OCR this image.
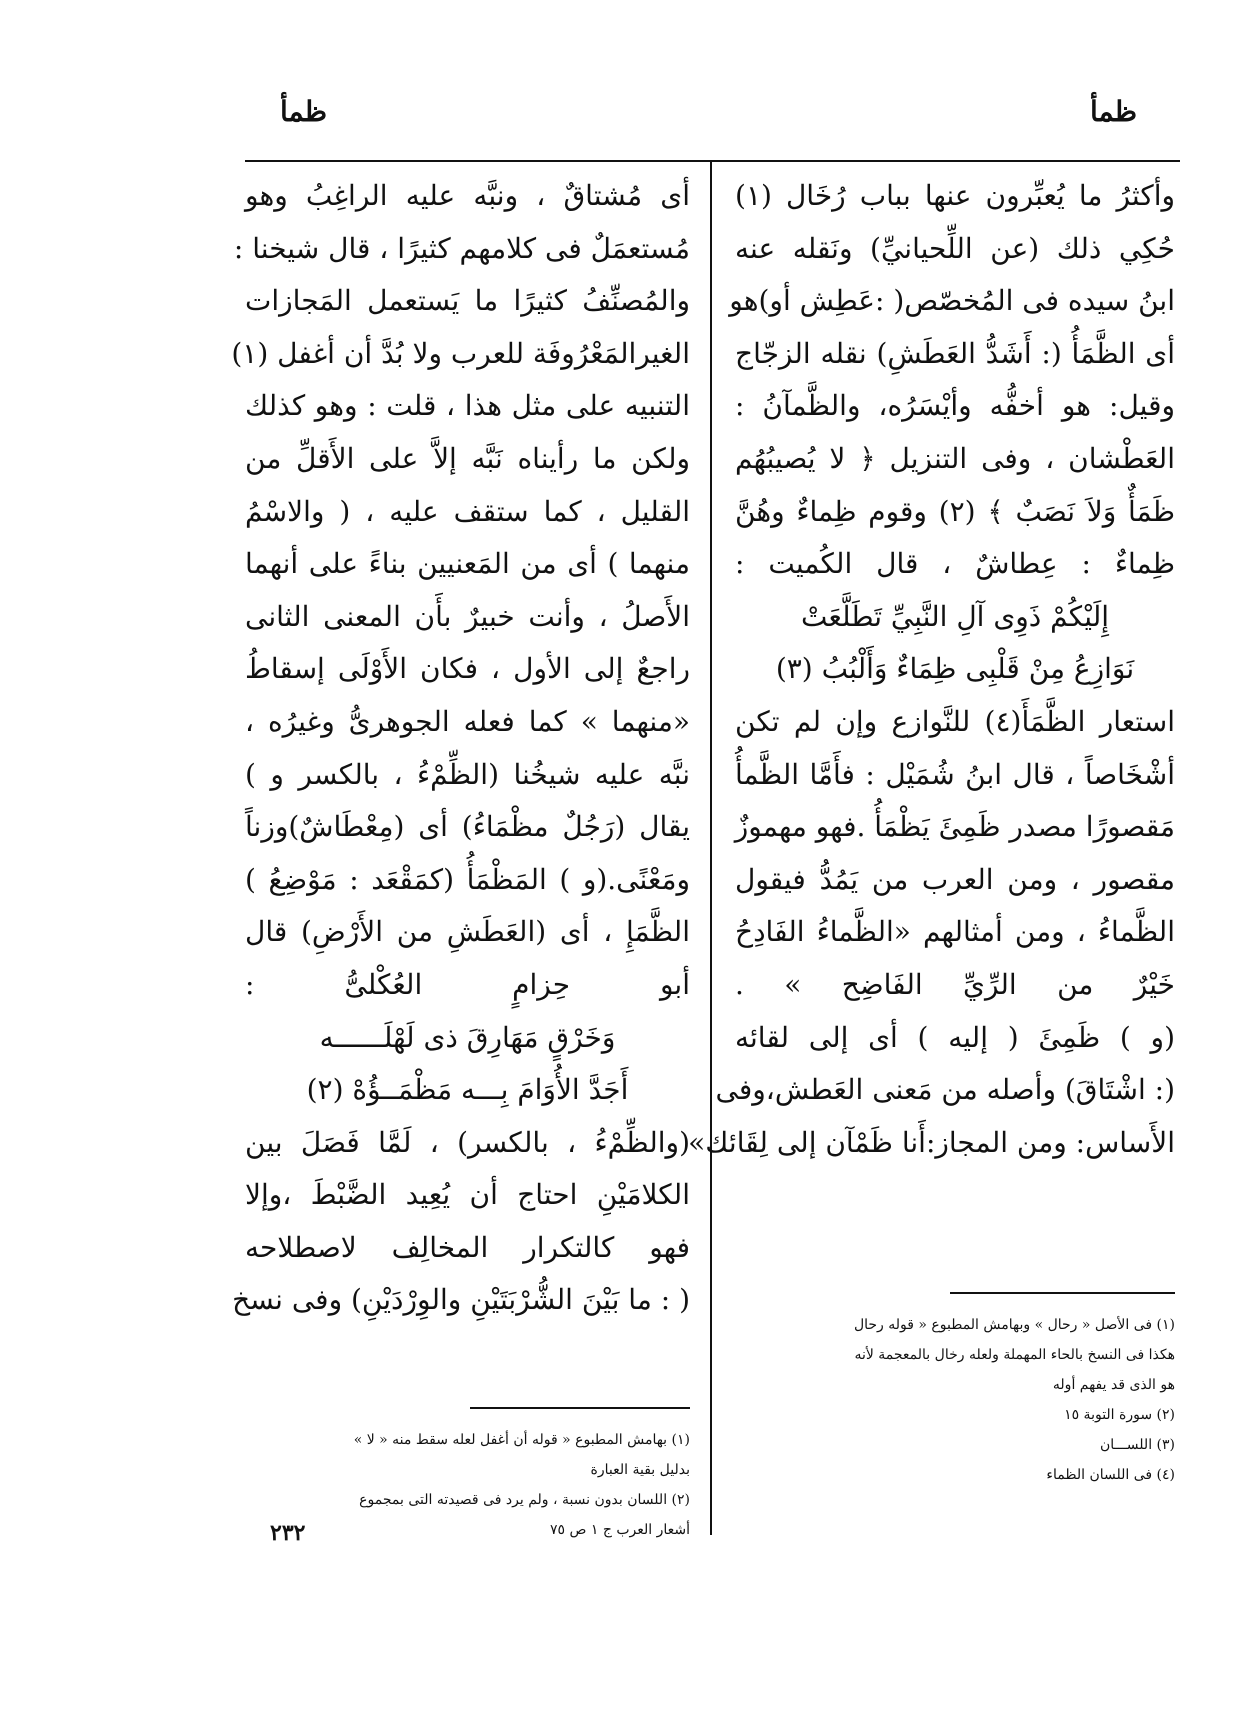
ظمأ
ظمأ
وأكثرُ ما يُعبِّرون عنها بباب رُخَال (١)
حُكِي ذلك (عن اللِّحيانيِّ) ونَقله عنه
ابنُ سيده فى المُخصّص( :عَطِش أو)هو
أى الظَّمَأُ (: أَشَدُّ العَطَشِ) نقله الزجّاج
وقيل: هو أخفُّه وأيْسَرُه، والظَّمآنُ :
العَطْشان ، وفى التنزيل ﴿ لا يُصيبُهُم
ظَمَأٌ وَلاَ نَصَبٌ ﴾ (٢) وقوم ظِماءٌ وهُنَّ
ظِماءٌ : عِطاشٌ ، قال الكُميت :
إِلَيْكُمْ ذَوِى آلِ النَّبِيِّ تَطَلَّعَتْ
نَوَازِعُ مِنْ قَلْبِى ظِمَاءٌ وَأَلْبُبُ (٣)
استعار الظَّمَأَ(٤) للنَّوازع وإن لم تكن
أشْخَاصاً ، قال ابنُ شُمَيْل : فأَمَّا الظَّمأُ
مَقصورًا مصدر ظَمِئَ يَظْمَأُ .فهو مهموزٌ
مقصور ، ومن العرب من يَمُدُّ فيقول
الظَّماءُ ، ومن أمثالهم «الظَّماءُ الفَادِحُ
خَيْرٌ من الرِّيِّ الفَاضِح » .
(و ) ظَمِئَ ( إليه ) أى إلى لقائه
(: اشْتَاقَ) وأصله من مَعنى العَطش،وفى
الأَساس: ومن المجاز:أَنا ظَمْآن إلى لِقَائك»
أى مُشتاقٌ ، ونبَّه عليه الراغِبُ وهو
مُستعمَلٌ فى كلامهم كثيرًا ، قال شيخنا :
والمُصنِّفُ كثيرًا ما يَستعمل المَجازات
الغيرالمَعْرُوفَة للعرب ولا بُدَّ أن أغفل (١)
التنبيه على مثل هذا ، قلت : وهو كذلك
ولكن ما رأيناه نَبَّه إلاَّ على الأَقلِّ من
القليل ، كما ستقف عليه ، ( والاسْمُ
منهما ) أى من المَعنيين بناءً على أنهما
الأَصلُ ، وأنت خبيرٌ بأَن المعنى الثانى
راجعٌ إلى الأول ، فكان الأَوْلَى إسقاطُ
«منهما » كما فعله الجوهرىُّ وغيرُه ،
نبَّه عليه شيخُنا (الظِّمْءُ ، بالكسر و )
يقال (رَجُلٌ مظْمَاءُ) أى (مِعْطَاشٌ)وزناً
ومَعْنًى.(و ) المَظْمَأُ (كمَقْعَد : مَوْضِعُ )
الظَّمَإِ ، أى (العَطَشِ من الأَرْضِ) قال
أبو حِزامٍ العُكْلىُّ :
وَخَرْقٍ مَهَارِقَ ذى لَهْلَــــــه
أَجَدَّ الأُوَامَ بِـــه مَظْمَــؤُهْ (٢)
(والظِّمْءُ ، بالكسر) ، لَمَّا فَصَلَ بين
الكلامَيْنِ احتاج أن يُعِيد الضَّبْطَ ،وإلا
فهو كالتكرار المخالِف لاصطلاحه
( : ما بَيْنَ الشُّرْبَتَيْنِ والوِرْدَيْنِ) وفى نسخ
(١) فى الأصل « رحال » وبهامش المطبوع « قوله رحال
هكذا فى النسخ بالحاء المهملة ولعله رخال بالمعجمة لأنه
هو الذى قد يفهم أوله
(٢) سورة التوبة ١٥
(٣) اللســـان
(٤) فى اللسان الظماء
(١) بهامش المطبوع « قوله أن أغفل لعله سقط منه « لا »
بدليل بقية العبارة
(٢) اللسان بدون نسبة ، ولم يرد فى قصيدته التى بمجموع
أشعار العرب ج ١ ص ٧٥
٢٣٢
